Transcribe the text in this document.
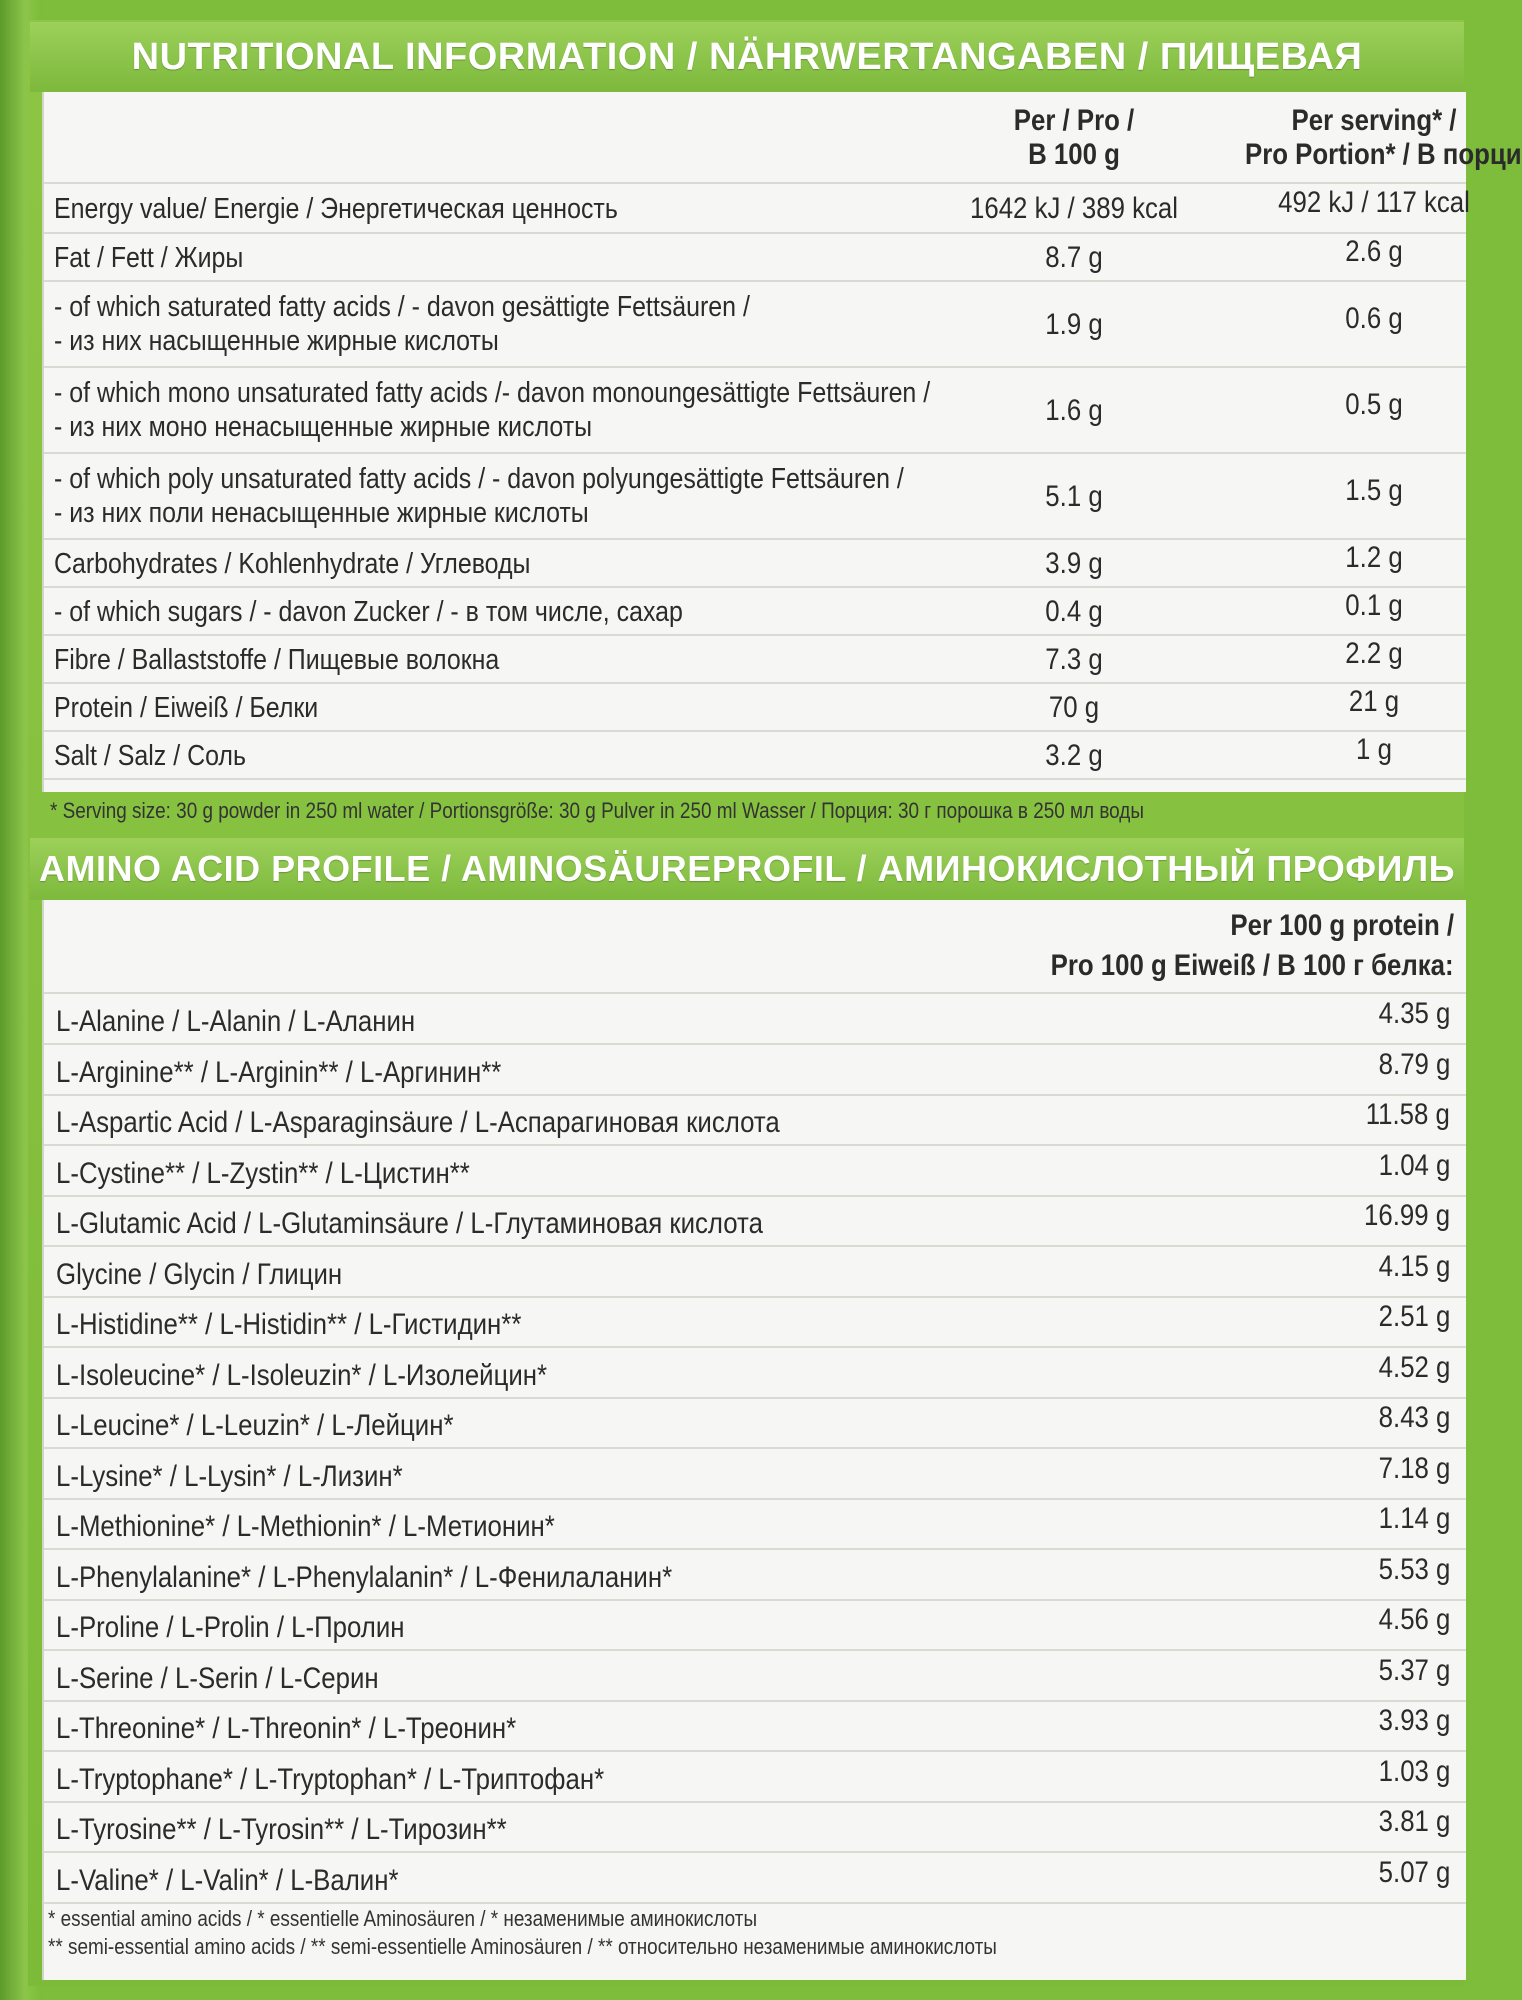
NUTRITIONAL INFORMATION / NÄHRWERTANGABEN / ПИЩЕВАЯ
Per / Pro /
B 100 g
Per serving* /
Pro Portion* / В порци
Energy value/ Energie / Энергетическая ценность	1642 kJ / 389 kcal	492 kJ / 117 kcal
Fat / Fett / Жиры	8.7 g	2.6 g
- of which saturated fatty acids / - davon gesättigte Fettsäuren /
- из них насыщенные жирные кислоты	1.9 g	0.6 g
- of which mono unsaturated fatty acids /- davon monoungesättigte Fettsäuren /
- из них моно ненасыщенные жирные кислоты	1.6 g	0.5 g
- of which poly unsaturated fatty acids / - davon polyungesättigte Fettsäuren /
- из них поли ненасыщенные жирные кислоты	5.1 g	1.5 g
Carbohydrates / Kohlenhydrate / Углеводы	3.9 g	1.2 g
- of which sugars / - davon Zucker / - в том числе, сахар	0.4 g	0.1 g
Fibre / Ballaststoffe / Пищевые волокна	7.3 g	2.2 g
Protein / Eiweiß / Белки	70 g	21 g
Salt / Salz / Соль	3.2 g	1 g
* Serving size: 30 g powder in 250 ml water / Portionsgröße: 30 g Pulver in 250 ml Wasser / Порция: 30 г порошка в 250 мл воды
AMINO ACID PROFILE / AMINOSÄUREPROFIL / АМИНОКИСЛОТНЫЙ ПРОФИЛЬ
Per 100 g protein /
Pro 100 g Eiweiß / В 100 г белка:
L-Alanine / L-Alanin / L-Аланин	4.35 g
L-Arginine** / L-Arginin** / L-Аргинин**	8.79 g
L-Aspartic Acid / L-Asparaginsäure / L-Аспарагиновая кислота	11.58 g
L-Cystine** / L-Zystin** / L-Цистин**	1.04 g
L-Glutamic Acid / L-Glutaminsäure / L-Глутаминовая кислота	16.99 g
Glycine / Glycin / Глицин	4.15 g
L-Histidine** / L-Histidin** / L-Гистидин**	2.51 g
L-Isoleucine* / L-Isoleuzin* / L-Изолейцин*	4.52 g
L-Leucine* / L-Leuzin* / L-Лейцин*	8.43 g
L-Lysine* / L-Lysin* / L-Лизин*	7.18 g
L-Methionine* / L-Methionin* / L-Метионин*	1.14 g
L-Phenylalanine* / L-Phenylalanin* / L-Фенилаланин*	5.53 g
L-Proline / L-Prolin / L-Пролин	4.56 g
L-Serine / L-Serin / L-Серин	5.37 g
L-Threonine* / L-Threonin* / L-Треонин*	3.93 g
L-Tryptophane* / L-Tryptophan* / L-Триптофан*	1.03 g
L-Tyrosine** / L-Tyrosin** / L-Тирозин**	3.81 g
L-Valine* / L-Valin* / L-Валин*	5.07 g
* essential amino acids / * essentielle Aminosäuren / * незаменимые аминокислоты
** semi-essential amino acids / ** semi-essentielle Aminosäuren / ** относительно незаменимые аминокислоты
